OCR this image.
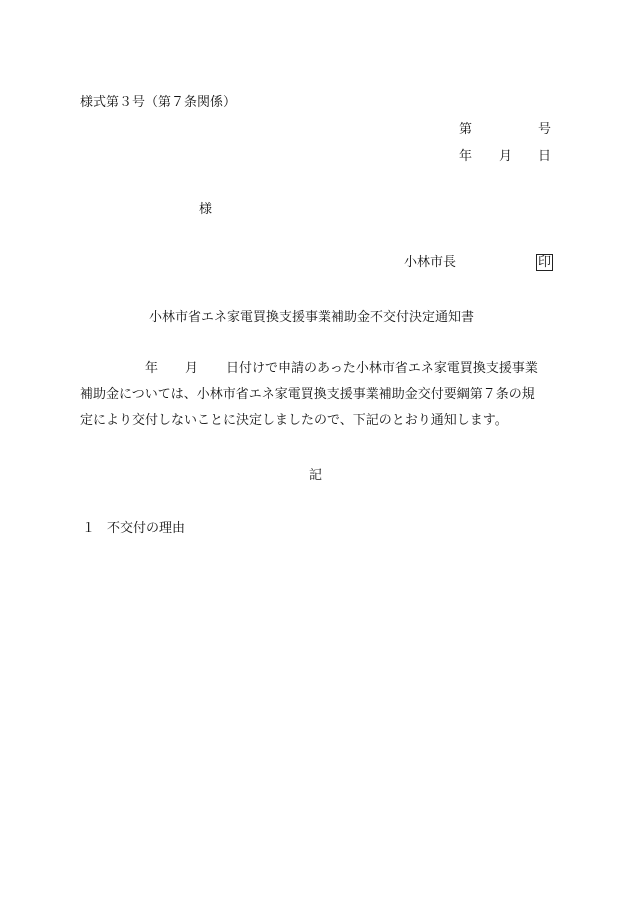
様式第３号（第７条関係）
第	号
年 月 日
様
小林市長	印
小林市省エネ家電買換支援事業補助金不交付決定通知書
年 月 日付けで申請のあった小林市省エネ家電買換支援事業
補助金については、小林市省エネ家電買換支援事業補助金交付要綱第７条の規
定により交付しないことに決定しましたので、下記のとおり通知します。
記
１ 不交付の理由
